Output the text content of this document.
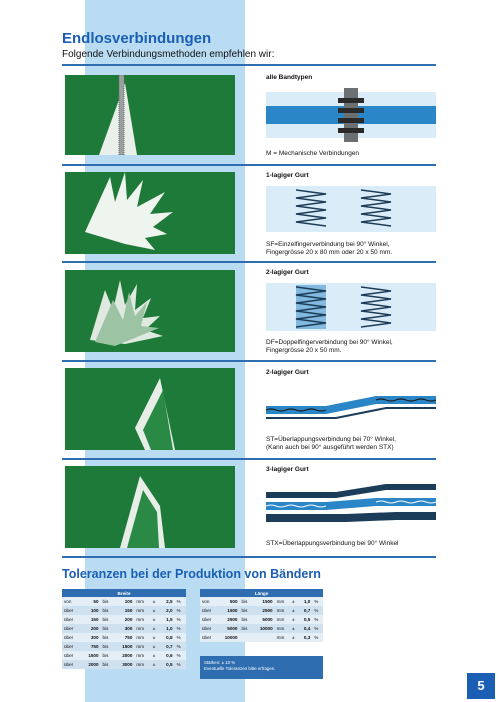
Endlosverbindungen
Folgende Verbindungsmethoden empfehlen wir:
alle Bandtypen
M = Mechanische Verbindungen
1-lagiger Gurt
SF=Einzelfingerverbindung bei 90° Winkel,
Fingergrösse 20 x 80 mm oder 20 x 50 mm.
2-lagiger Gurt
DF=Doppelfingerverbindung bei 90° Winkel,
Fingergrösse 20 x 50 mm.
2-lagiger Gurt
ST=Überlappungsverbindung bei 70° Winkel,
(Kann auch bei 90° ausgeführt werden STX)
3-lagiger Gurt
STX=Überlappungsverbindung bei 90° Winkel
Toleranzen bei der Produktion von Bändern
Breite							
von	50	bis	100	mm	±	2,5	%
über	100	bis	150	mm	±	2,0	%
über	150	bis	200	mm	±	1,5	%
über	200	bis	300	mm	±	1,0	%
über	300	bis	750	mm	±	0,8	%
über	750	bis	1500	mm	±	0,7	%
über	1500	bis	2000	mm	±	0,6	%
über	2000	bis	3000	mm	±	0,5	%
Länge							
von	500	bis	1500	mm	±	1,0	%
über	1500	bis	2500	mm	±	0,7	%
über	2500	bis	5000	mm	±	0,5	%
über	5000	bis	10000	mm	±	0,4	%
über	10000			mm	±	0,3	%
Stärken: ± 10 %
Eventuelle Toleranzen bitte erfragen.
5
